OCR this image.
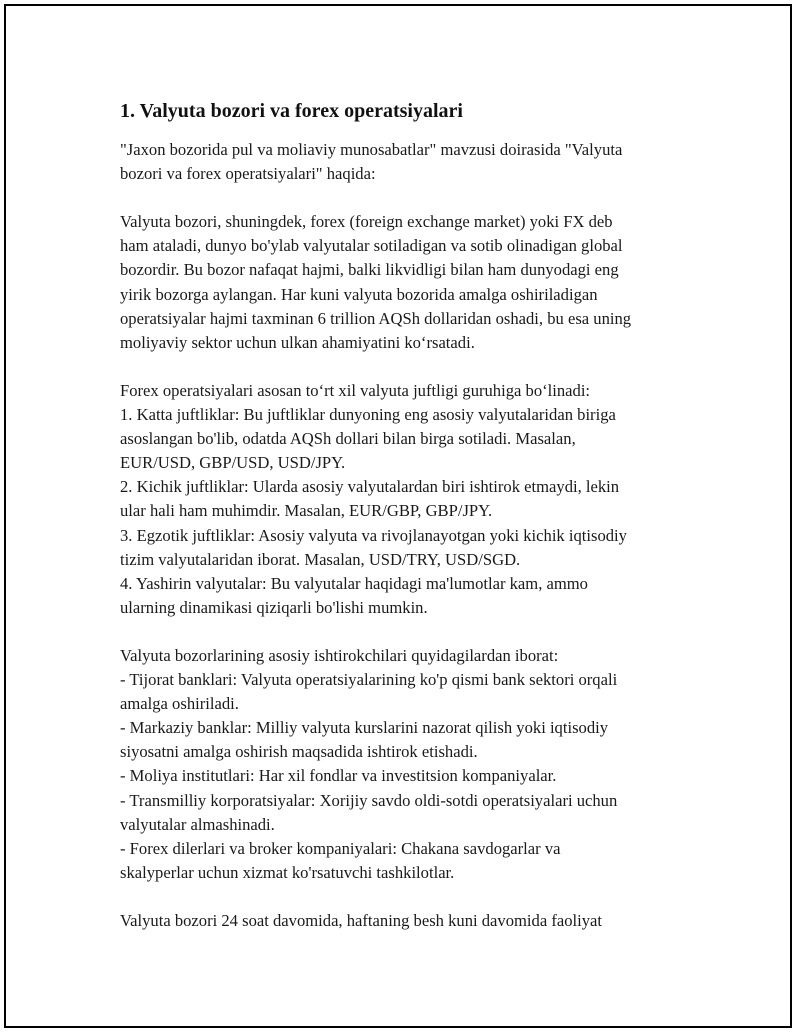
1. Valyuta bozori va forex operatsiyalari
"Jaxon bozorida pul va moliaviy munosabatlar" mavzusi doirasida "Valyuta
bozori va forex operatsiyalari" haqida:
Valyuta bozori, shuningdek, forex (foreign exchange market) yoki FX deb
ham ataladi, dunyo bo'ylab valyutalar sotiladigan va sotib olinadigan global
bozordir. Bu bozor nafaqat hajmi, balki likvidligi bilan ham dunyodagi eng
yirik bozorga aylangan. Har kuni valyuta bozorida amalga oshiriladigan
operatsiyalar hajmi taxminan 6 trillion AQSh dollaridan oshadi, bu esa uning
moliyaviy sektor uchun ulkan ahamiyatini koʻrsatadi.
Forex operatsiyalari asosan toʻrt xil valyuta juftligi guruhiga boʻlinadi:
1. Katta juftliklar: Bu juftliklar dunyoning eng asosiy valyutalaridan biriga
asoslangan bo'lib, odatda AQSh dollari bilan birga sotiladi. Masalan,
EUR/USD, GBP/USD, USD/JPY.
2. Kichik juftliklar: Ularda asosiy valyutalardan biri ishtirok etmaydi, lekin
ular hali ham muhimdir. Masalan, EUR/GBP, GBP/JPY.
3. Egzotik juftliklar: Asosiy valyuta va rivojlanayotgan yoki kichik iqtisodiy
tizim valyutalaridan iborat. Masalan, USD/TRY, USD/SGD.
4. Yashirin valyutalar: Bu valyutalar haqidagi ma'lumotlar kam, ammo
ularning dinamikasi qiziqarli bo'lishi mumkin.
Valyuta bozorlarining asosiy ishtirokchilari quyidagilardan iborat:
- Tijorat banklari: Valyuta operatsiyalarining ko'p qismi bank sektori orqali
amalga oshiriladi.
- Markaziy banklar: Milliy valyuta kurslarini nazorat qilish yoki iqtisodiy
siyosatni amalga oshirish maqsadida ishtirok etishadi.
- Moliya institutlari: Har xil fondlar va investitsion kompaniyalar.
- Transmilliy korporatsiyalar: Xorijiy savdo oldi-sotdi operatsiyalari uchun
valyutalar almashinadi.
- Forex dilerlari va broker kompaniyalari: Chakana savdogarlar va
skalyperlar uchun xizmat ko'rsatuvchi tashkilotlar.
Valyuta bozori 24 soat davomida, haftaning besh kuni davomida faoliyat
